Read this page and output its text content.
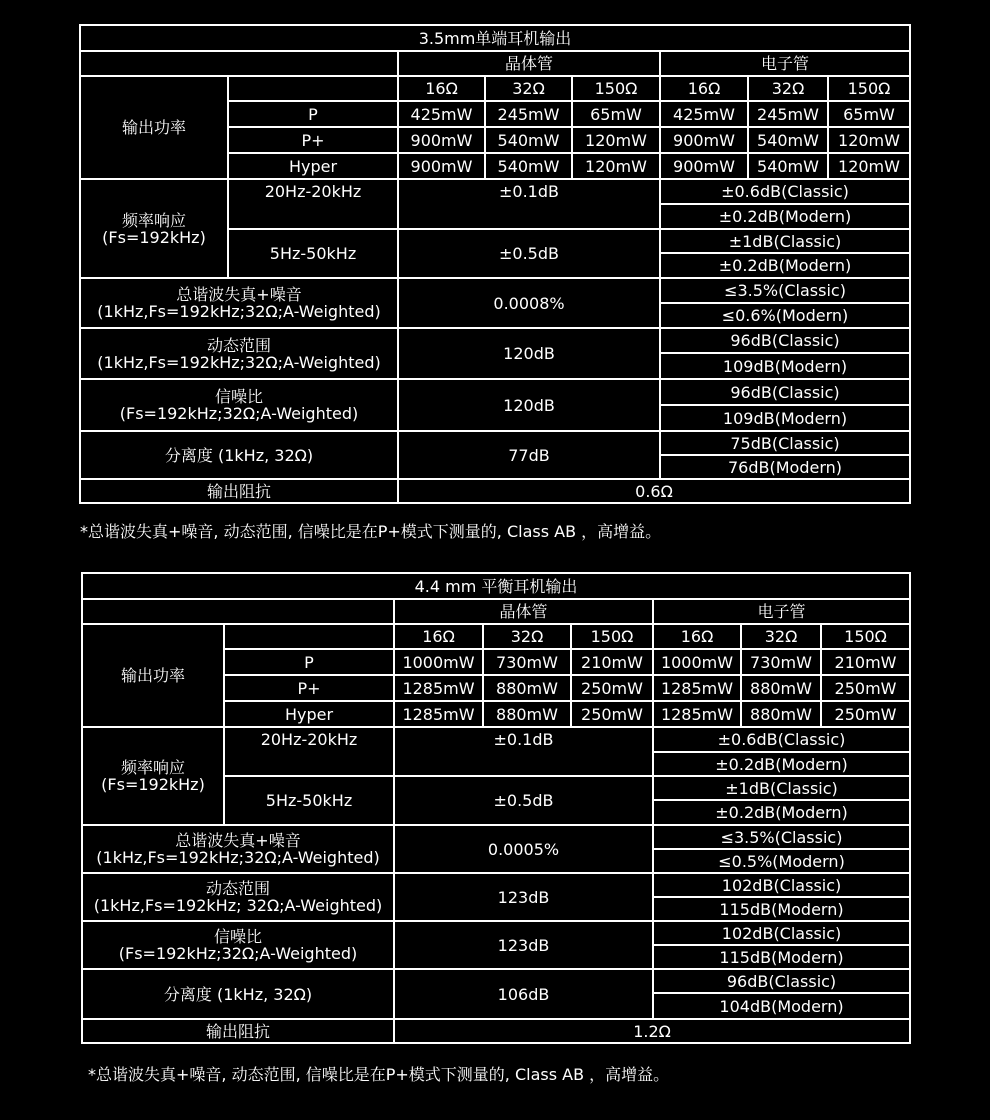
3.5mm单端耳机输出							
		晶体管			电子管		
输出功率		16Ω	32Ω	150Ω	16Ω	32Ω	150Ω
	P	425mW	245mW	65mW	425mW	245mW	65mW
	P+	900mW	540mW	120mW	900mW	540mW	120mW
	Hyper	900mW	540mW	120mW	900mW	540mW	120mW
频率响应
(Fs=192kHz)	20Hz-20kHz	±0.1dB			±0.6dB(Classic)		
					±0.2dB(Modern)		
	5Hz-50kHz	±0.5dB			±1dB(Classic)		
					±0.2dB(Modern)		
总谐波失真+噪音
(1kHz,Fs=192kHz;32Ω;A-Weighted)		0.0008%			≤3.5%(Classic)		
					≤0.6%(Modern)		
动态范围
(1kHz,Fs=192kHz;32Ω;A-Weighted)		120dB			96dB(Classic)		
					109dB(Modern)		
信噪比
(Fs=192kHz;32Ω;A-Weighted)		120dB			96dB(Classic)		
					109dB(Modern)		
分离度 (1kHz, 32Ω)		77dB			75dB(Classic)		
					76dB(Modern)		
输出阻抗		0.6Ω					
*总谐波失真+噪音, 动态范围, 信噪比是在P+模式下测量的, Class AB ，高增益。
4.4 mm 平衡耳机输出							
		晶体管			电子管		
输出功率		16Ω	32Ω	150Ω	16Ω	32Ω	150Ω
	P	1000mW	730mW	210mW	1000mW	730mW	210mW
	P+	1285mW	880mW	250mW	1285mW	880mW	250mW
	Hyper	1285mW	880mW	250mW	1285mW	880mW	250mW
频率响应
(Fs=192kHz)	20Hz-20kHz	±0.1dB			±0.6dB(Classic)		
					±0.2dB(Modern)		
	5Hz-50kHz	±0.5dB			±1dB(Classic)		
					±0.2dB(Modern)		
总谐波失真+噪音
(1kHz,Fs=192kHz;32Ω;A-Weighted)		0.0005%			≤3.5%(Classic)		
					≤0.5%(Modern)		
动态范围
(1kHz,Fs=192kHz; 32Ω;A-Weighted)		123dB			102dB(Classic)		
					115dB(Modern)		
信噪比
(Fs=192kHz;32Ω;A-Weighted)		123dB			102dB(Classic)		
					115dB(Modern)		
分离度 (1kHz, 32Ω)		106dB			96dB(Classic)		
					104dB(Modern)		
输出阻抗		1.2Ω					
*总谐波失真+噪音, 动态范围, 信噪比是在P+模式下测量的, Class AB ，高增益。
